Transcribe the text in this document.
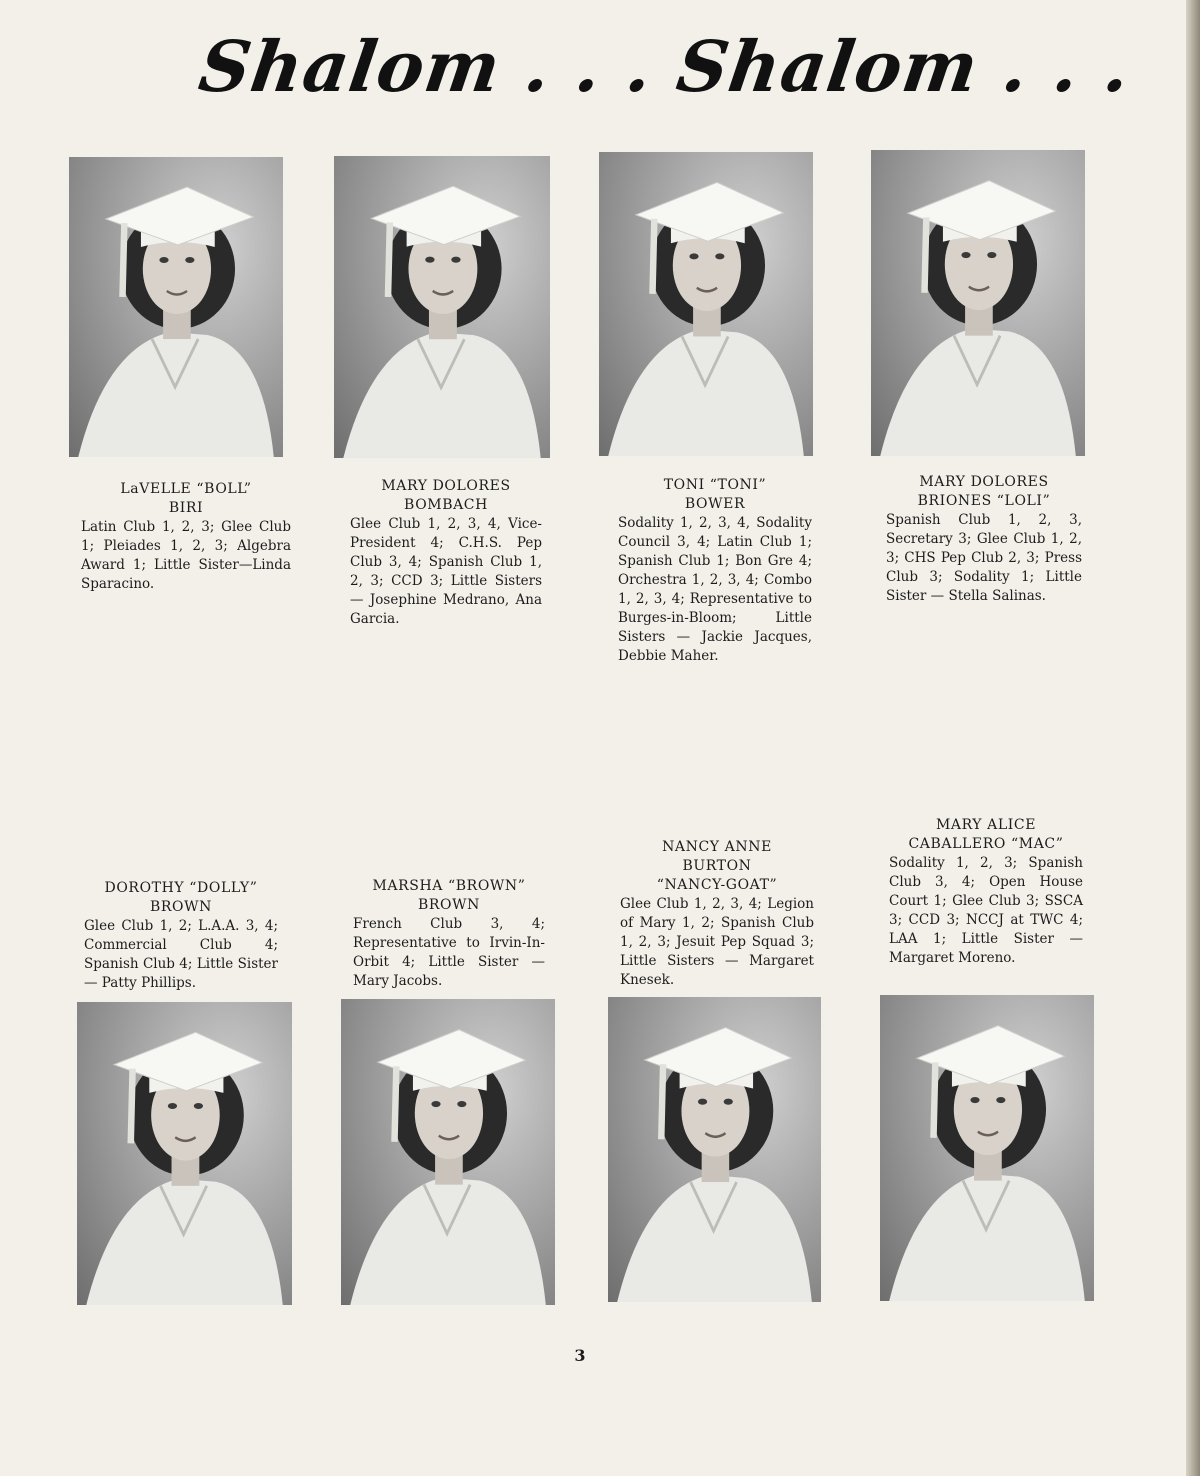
Shalom . . . Shalom . . .
LaVELLE “BOLL”
BIRI
Latin Club 1, 2, 3; Glee Club 1; Pleiades 1, 2, 3; Algebra Award 1; Little Sister—Linda Sparacino.
MARY DOLORES
BOMBACH
Glee Club 1, 2, 3, 4, Vice-President 4; C.H.S. Pep Club 3, 4; Spanish Club 1, 2, 3; CCD 3; Little Sisters — Josephine Medrano, Ana Garcia.
TONI “TONI”
BOWER
Sodality 1, 2, 3, 4, Sodality Council 3, 4; Latin Club 1; Spanish Club 1; Bon Gre 4; Orchestra 1, 2, 3, 4; Combo 1, 2, 3, 4; Representative to Burges-in-Bloom; Little Sisters — Jackie Jacques, Debbie Maher.
MARY DOLORES
BRIONES “LOLI”
Spanish Club 1, 2, 3, Secretary 3; Glee Club 1, 2, 3; CHS Pep Club 2, 3; Press Club 3; Sodality 1; Little Sister — Stella Salinas.
DOROTHY “DOLLY”
BROWN
Glee Club 1, 2; L.A.A. 3, 4; Commercial Club 4; Spanish Club 4; Little Sister — Patty Phillips.
MARSHA “BROWN”
BROWN
French Club 3, 4; Representative to Irvin-In-Orbit 4; Little Sister — Mary Jacobs.
NANCY ANNE
BURTON
“NANCY-GOAT”
Glee Club 1, 2, 3, 4; Legion of Mary 1, 2; Spanish Club 1, 2, 3; Jesuit Pep Squad 3; Little Sisters — Margaret Knesek.
MARY ALICE
CABALLERO “MAC”
Sodality 1, 2, 3; Spanish Club 3, 4; Open House Court 1; Glee Club 3; SSCA 3; CCD 3; NCCJ at TWC 4; LAA 1; Little Sister — Margaret Moreno.
3
